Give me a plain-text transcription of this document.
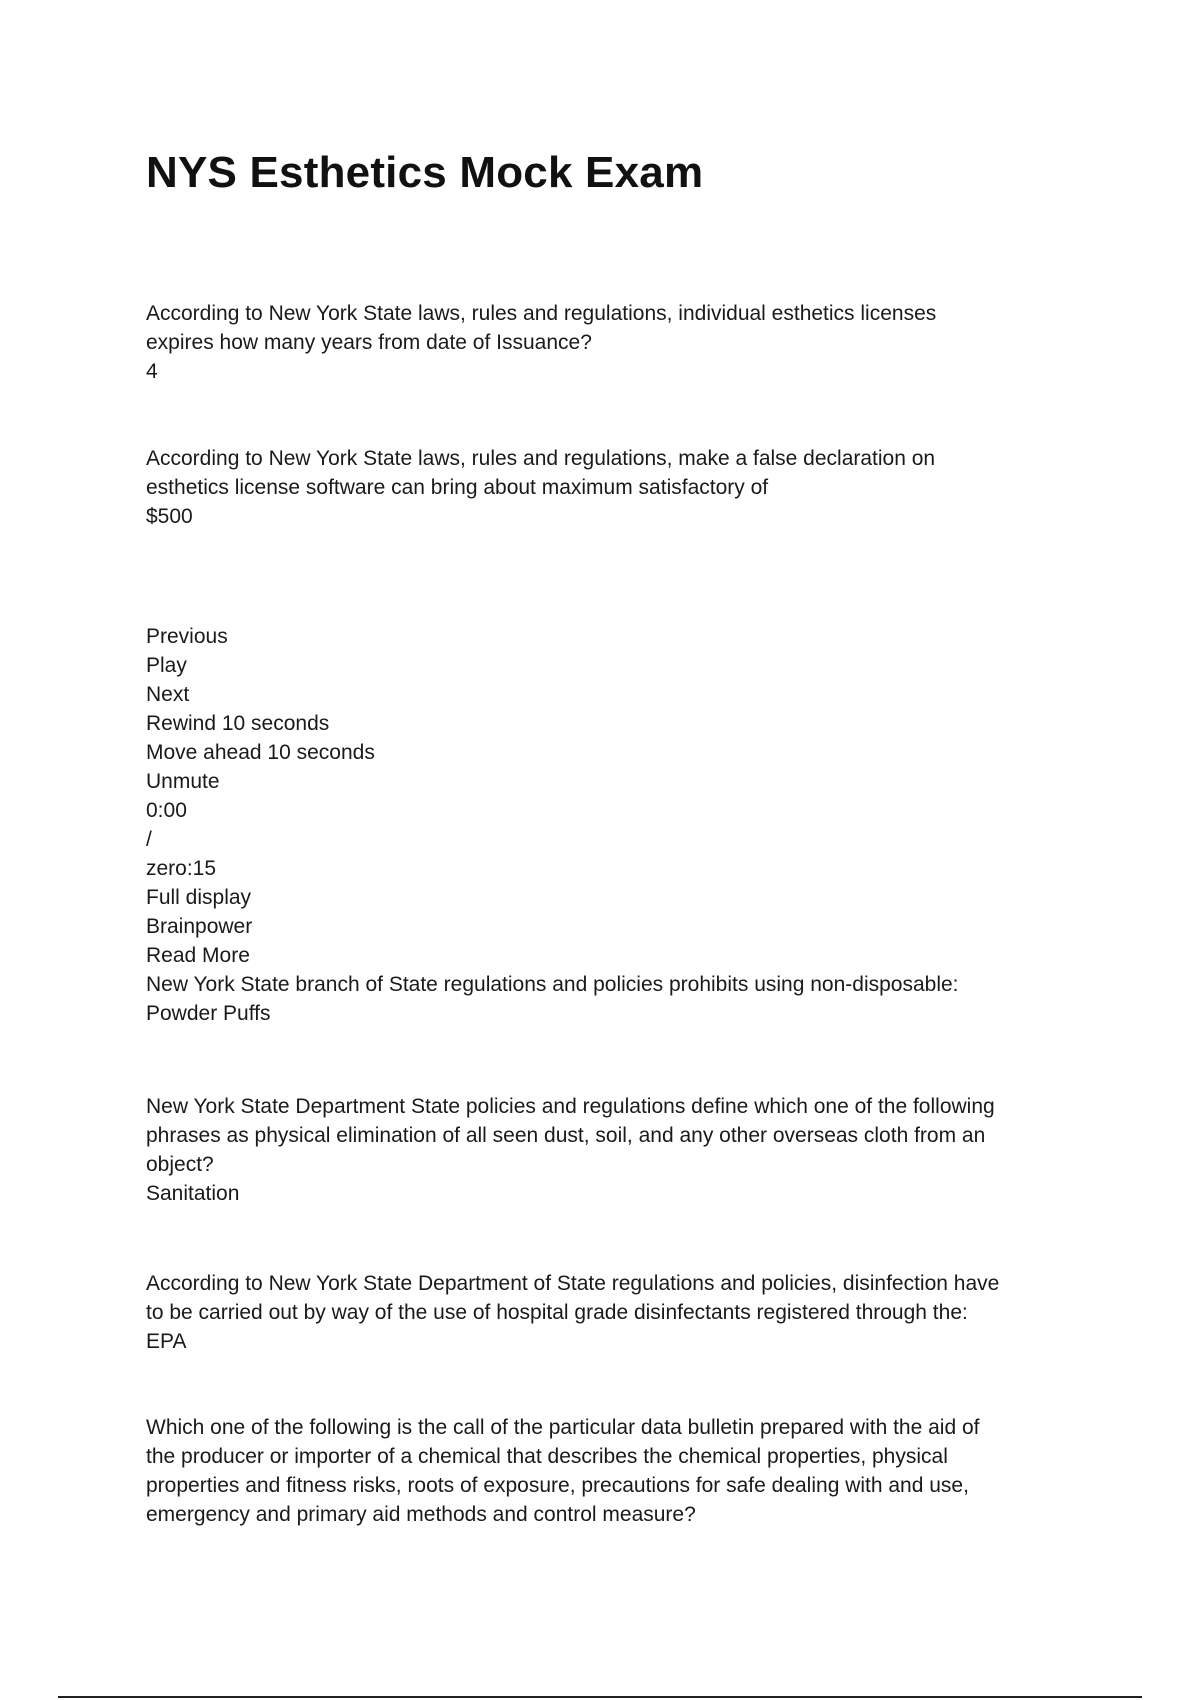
NYS Esthetics Mock Exam
According to New York State laws, rules and regulations, individual esthetics licenses
expires how many years from date of Issuance?
4
According to New York State laws, rules and regulations, make a false declaration on
esthetics license software can bring about maximum satisfactory of
$500
Previous
Play
Next
Rewind 10 seconds
Move ahead 10 seconds
Unmute
0:00
/
zero:15
Full display
Brainpower
Read More
New York State branch of State regulations and policies prohibits using non-disposable:
Powder Puffs
New York State Department State policies and regulations define which one of the following
phrases as physical elimination of all seen dust, soil, and any other overseas cloth from an
object?
Sanitation
According to New York State Department of State regulations and policies, disinfection have
to be carried out by way of the use of hospital grade disinfectants registered through the:
EPA
Which one of the following is the call of the particular data bulletin prepared with the aid of
the producer or importer of a chemical that describes the chemical properties, physical
properties and fitness risks, roots of exposure, precautions for safe dealing with and use,
emergency and primary aid methods and control measure?
